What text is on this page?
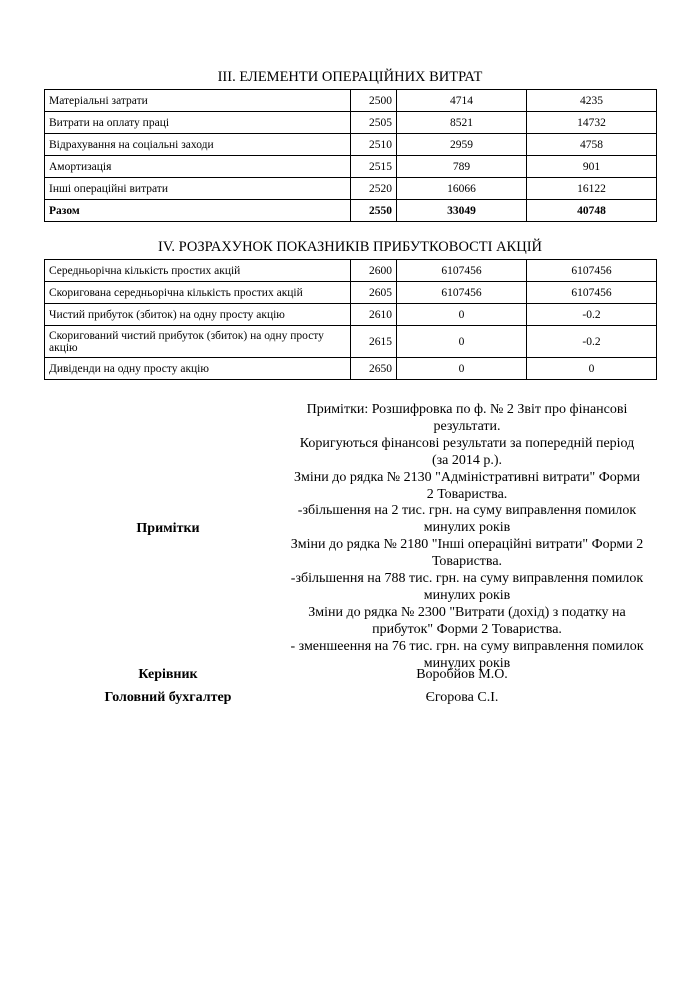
III. ЕЛЕМЕНТИ ОПЕРАЦІЙНИХ ВИТРАТ
Матеріальні затрати	2500	4714	4235
Витрати на оплату праці	2505	8521	14732
Відрахування на соціальні заходи	2510	2959	4758
Амортизація	2515	789	901
Інші операційні витрати	2520	16066	16122
Разом	2550	33049	40748
IV. РОЗРАХУНОК ПОКАЗНИКІВ ПРИБУТКОВОСТІ АКЦІЙ
Середньорічна кількість простих акцій	2600	6107456	6107456
Скоригована середньорічна кількість простих акцій	2605	6107456	6107456
Чистий прибуток (збиток) на одну просту акцію	2610	0	-0.2
Скоригований чистий прибуток (збиток) на одну просту акцію	2615	0	-0.2
Дивіденди на одну просту акцію	2650	0	0
Примітки
Примітки: Розшифровка по ф. № 2 Звіт про фінансові
результати.
Коригуються фінансові результати за попередній період
(за 2014 р.).
Зміни до рядка № 2130 "Адміністративні витрати" Форми
2 Товариства.
-збільшення на 2 тис. грн. на суму виправлення помилок
минулих років
Зміни до рядка № 2180 "Інші операційні витрати" Форми 2
Товариства.
-збільшення на 788 тис. грн. на суму виправлення помилок
минулих років
Зміни до рядка № 2300 "Витрати (дохід) з податку на
прибуток" Форми 2 Товариства.
- зменшеення на 76 тис. грн. на суму виправлення помилок
минулих років
Керівник	Воробйов М.О.
Головний бухгалтер	Єгорова С.І.
